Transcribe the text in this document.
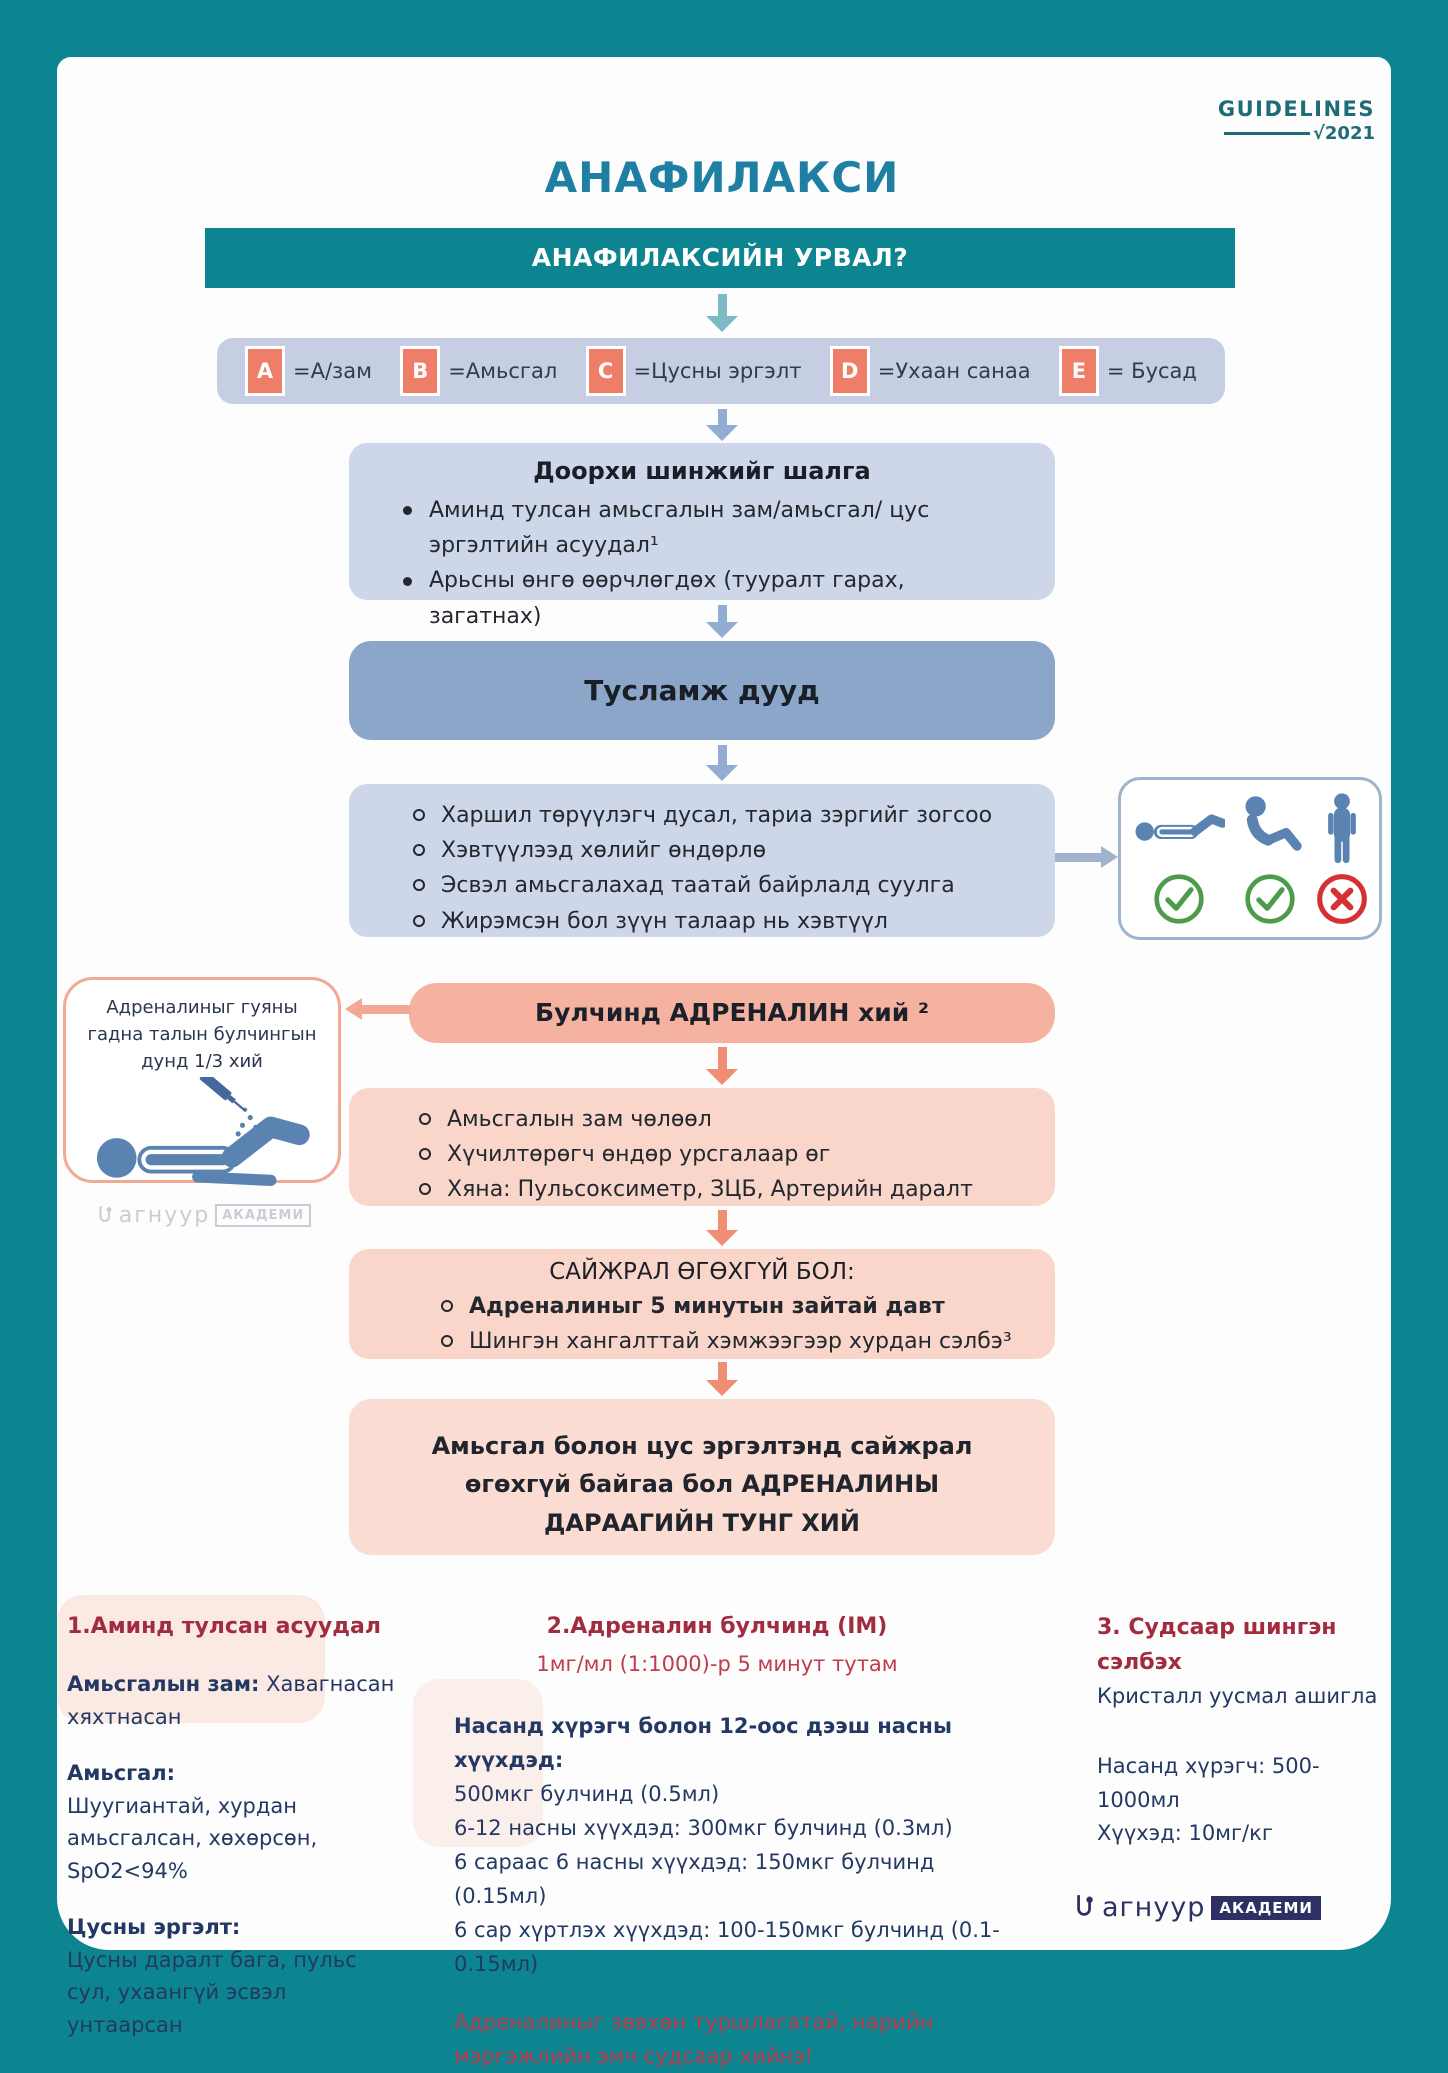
GUIDELINES
√ 2021
АНАФИЛАКСИ
АНАФИЛАКСИЙН УРВАЛ?
A =А/зам	B =Амьсгал	C =Цусны эргэлт	D =Ухаан санаа	E = Бусад
Доорхи шинжийг шалга
Аминд тулсан амьсгалын зам/амьсгал/ цус эргэлтийн асуудал¹
Арьсны өнгө өөрчлөгдөх (тууралт гарах, загатнах)
Тусламж дууд
Харшил төрүүлэгч дусал, тариа зэргийг зогсоо
Хэвтүүлээд хөлийг өндөрлө
Эсвэл амьсгалахад таатай байрлалд суулга
Жирэмсэн бол зүүн талаар нь хэвтүүл
Булчинд АДРЕНАЛИН хий ²
Адреналиныг гуяны гадна талын булчингын дунд 1/3 хий
агнуур АКАДЕМИ
Амьсгалын зам чөлөөл
Хүчилтөрөгч өндөр урсгалаар өг
Хяна: Пульсоксиметр, ЗЦБ, Артерийн даралт
САЙЖРАЛ ӨГӨХГҮЙ БОЛ:
Адреналиныг 5 минутын зайтай давт
Шингэн хангалттай хэмжээгээр хурдан сэлбэ³
Амьсгал болон цус эргэлтэнд сайжрал өгөхгүй байгаа бол АДРЕНАЛИНЫ ДАРААГИЙН ТУНГ ХИЙ
1.Аминд тулсан асуудал
Амьсгалын зам: Хавагнасан хяхтнасан
Амьсгал:
Шуугиантай, хурдан амьсгалсан, хөхөрсөн, SpO2<94%
Цусны эргэлт:
Цусны даралт бага, пульс сул, ухаангүй эсвэл унтаарсан
2.Адреналин булчинд (IM)
1мг/мл (1:1000)-р 5 минут тутам
Насанд хүрэгч болон 12-оос дээш насны хүүхдэд:
500мкг булчинд (0.5мл)
6-12 насны хүүхдэд: 300мкг булчинд (0.3мл)
6 сараас 6 насны хүүхдэд: 150мкг булчинд (0.15мл)
6 сар хүртлэх хүүхдэд: 100-150мкг булчинд (0.1-0.15мл)
Адреналиныг зөвхөн туршлагатай, нарийн мэргэжлийн эмч судсаар хийнэ!
3. Судсаар шингэн сэлбэх
Кристалл уусмал ашигла
Насанд хүрэгч: 500-1000мл
Хүүхэд: 10мг/кг
агнуур АКАДЕМИ
